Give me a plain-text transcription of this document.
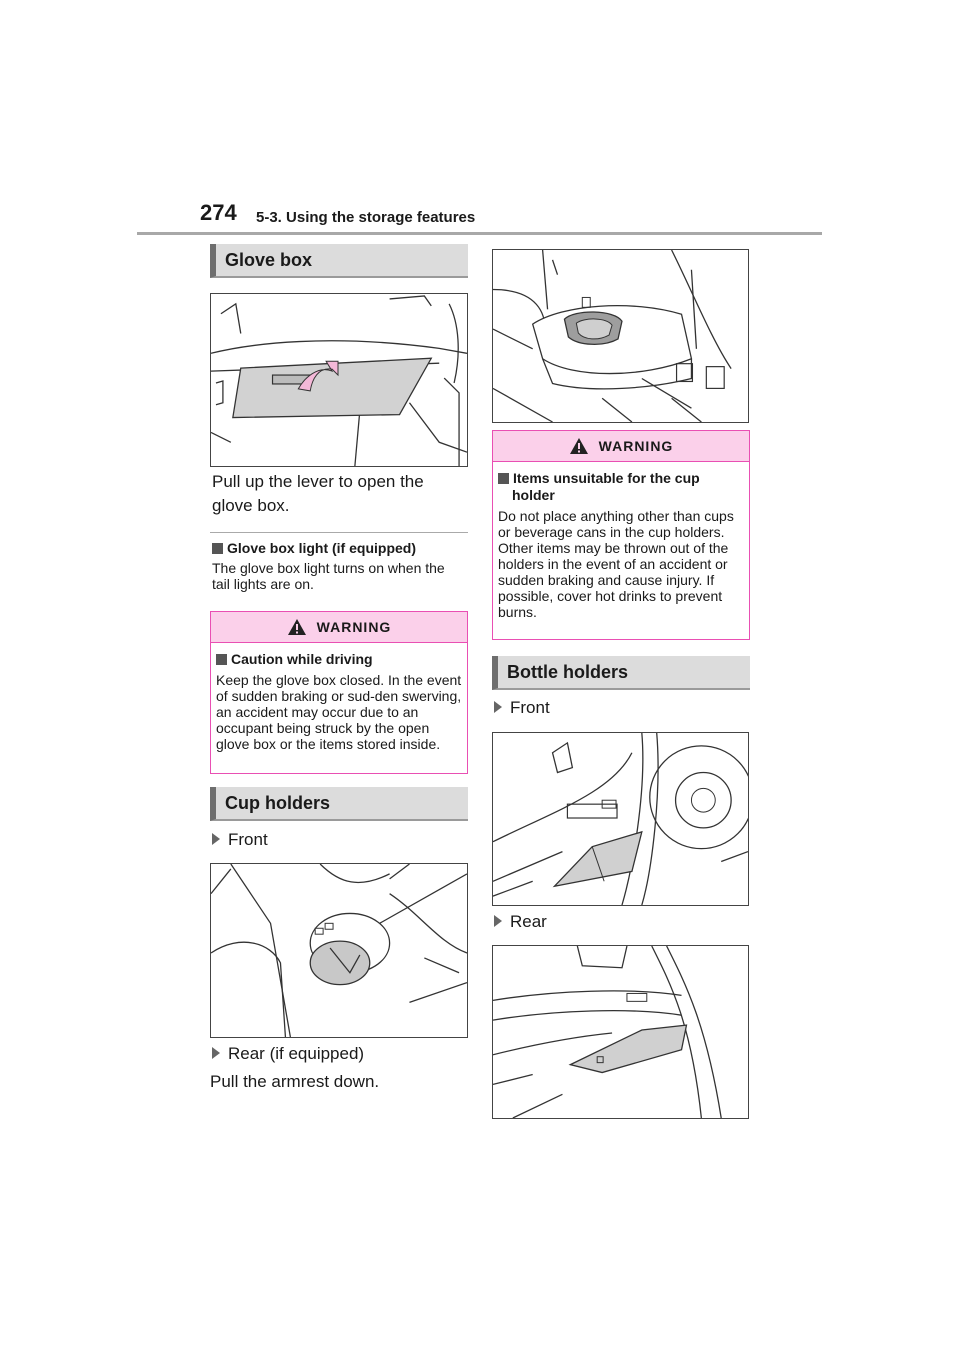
274 5-3. Using the storage features
Glove box
Pull up the lever to open the glove box.
Glove box light (if equipped)
The glove box light turns on when the tail lights are on.
WARNING
Caution while driving
Keep the glove box closed. In the event of sudden braking or sud-den swerving, an accident may occur due to an occupant being struck by the open glove box or the items stored inside.
Cup holders
Front
Rear (if equipped)
Pull the armrest down.
WARNING
Items unsuitable for the cup holder
Do not place anything other than cups or beverage cans in the cup holders. Other items may be thrown out of the holders in the event of an accident or sudden braking and cause injury. If possible, cover hot drinks to prevent burns.
Bottle holders
Front
Rear
